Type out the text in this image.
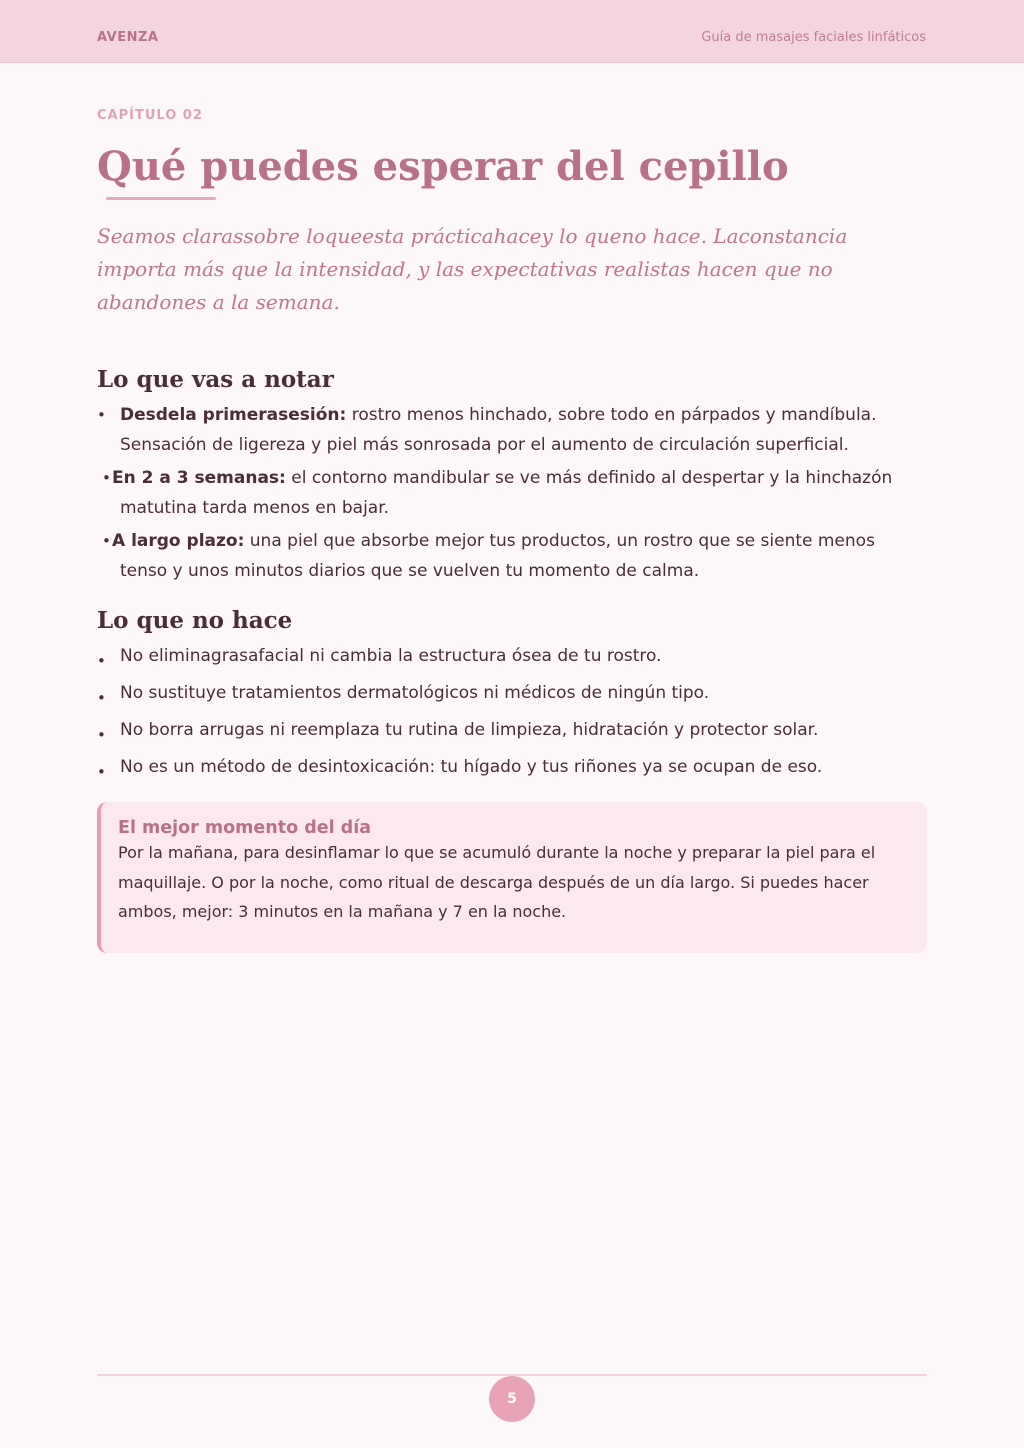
AVENZA	Guía de masajes faciales linfáticos

CAPÍTULO 02

Qué puedes esperar del cepillo

Seamos clarassobre loqueesta prácticahacey lo queno hace. Laconstancia importa más que la intensidad, y las expectativas realistas hacen que no abandones a la semana.

Lo que vas a notar
• Desdela primerasesión: rostro menos hinchado, sobre todo en párpados y mandíbula. Sensación de ligereza y piel más sonrosada por el aumento de circulación superficial.
• En 2 a 3 semanas: el contorno mandibular se ve más definido al despertar y la hinchazón matutina tarda menos en bajar.
• A largo plazo: una piel que absorbe mejor tus productos, un rostro que se siente menos tenso y unos minutos diarios que se vuelven tu momento de calma.
Lo que no hace
• No eliminagrasafacial ni cambia la estructura ósea de tu rostro.
• No sustituye tratamientos dermatológicos ni médicos de ningún tipo.
• No borra arrugas ni reemplaza tu rutina de limpieza, hidratación y protector solar.
• No es un método de desintoxicación: tu hígado y tus riñones ya se ocupan de eso.

El mejor momento del día

Por la mañana, para desinflamar lo que se acumuló durante la noche y preparar la piel para el maquillaje. O por la noche, como ritual de descarga después de un día largo. Si puedes hacer ambos, mejor: 3 minutos en la mañana y 7 en la noche.

5
